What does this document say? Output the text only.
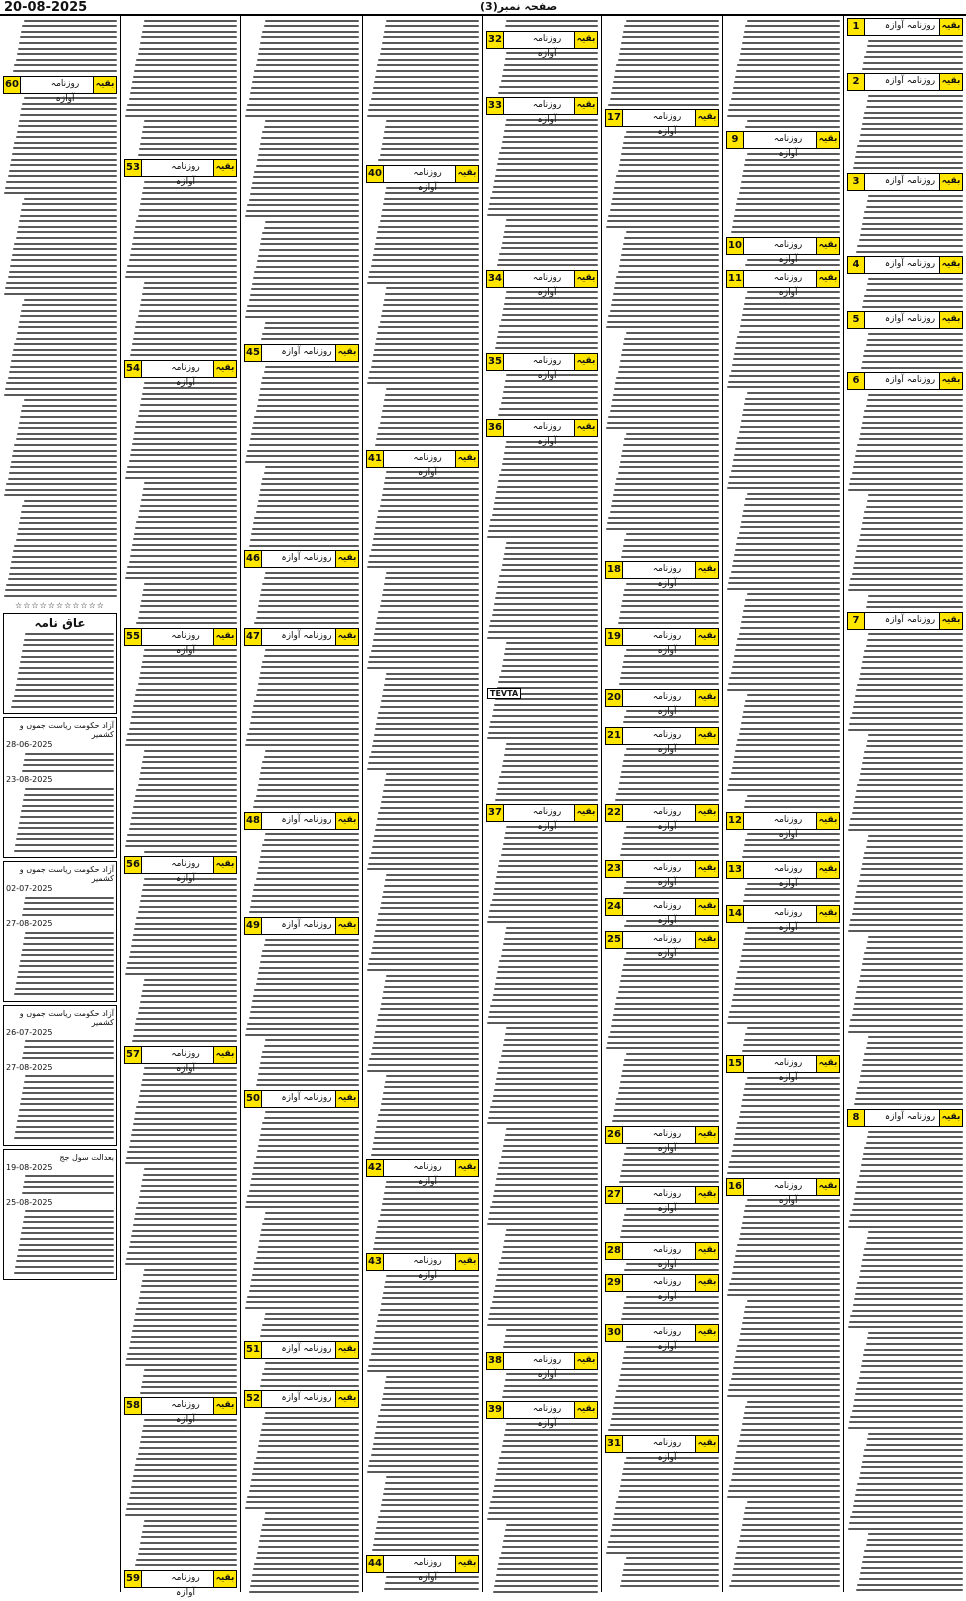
20-08-2025	صفحہ نمبر(3)
1	روزنامہ آوازہ بقیہ
2	روزنامہ آوازہ بقیہ
3	روزنامہ آوازہ بقیہ
4	روزنامہ آوازہ بقیہ
5	روزنامہ آوازہ بقیہ
6	روزنامہ آوازہ بقیہ
7	روزنامہ آوازہ بقیہ
8	روزنامہ آوازہ بقیہ
9	روزنامہ آوازہ
بقیہ
10	روزنامہ آوازہ
بقیہ
11	روزنامہ آوازہ
بقیہ
12	روزنامہ آوازہ
بقیہ
13	روزنامہ آوازہ
بقیہ
14	روزنامہ آوازہ
بقیہ
15	روزنامہ آوازہ
بقیہ
16	روزنامہ آوازہ
بقیہ
17	روزنامہ آوازہ
بقیہ
18	روزنامہ آوازہ
بقیہ
19	روزنامہ آوازہ
بقیہ
20	روزنامہ آوازہ
بقیہ
21	روزنامہ آوازہ
بقیہ
22	روزنامہ آوازہ
بقیہ
23	روزنامہ آوازہ
بقیہ
24	روزنامہ آوازہ
بقیہ
25	روزنامہ آوازہ
بقیہ
26	روزنامہ آوازہ
بقیہ
27	روزنامہ آوازہ
بقیہ
28	روزنامہ آوازہ
بقیہ
29	روزنامہ آوازہ
بقیہ
30	روزنامہ آوازہ
بقیہ
31	روزنامہ آوازہ
بقیہ
32	روزنامہ آوازہ
بقیہ
33	روزنامہ آوازہ
بقیہ
34	روزنامہ آوازہ
بقیہ
35	روزنامہ آوازہ
بقیہ
36	روزنامہ آوازہ
بقیہ
37	روزنامہ آوازہ
بقیہ
38	روزنامہ آوازہ
بقیہ
39	روزنامہ آوازہ
بقیہ
TEVTA
40	روزنامہ آوازہ
بقیہ
41	روزنامہ آوازہ
بقیہ
42	روزنامہ آوازہ
بقیہ
43	روزنامہ آوازہ
بقیہ
44	روزنامہ آوازہ
بقیہ
45 روزنامہ آوازہ بقیہ
46 روزنامہ آوازہ بقیہ
47 روزنامہ آوازہ بقیہ
48 روزنامہ آوازہ بقیہ
49 روزنامہ آوازہ بقیہ
50 روزنامہ آوازہ بقیہ
51 روزنامہ آوازہ بقیہ
52 روزنامہ آوازہ بقیہ
53	روزنامہ آوازہ
بقیہ
54	روزنامہ آوازہ
بقیہ
55	روزنامہ آوازہ
بقیہ
56	روزنامہ آوازہ
بقیہ
57	روزنامہ آوازہ
بقیہ
58	روزنامہ آوازہ
بقیہ
59	روزنامہ آوازہ
بقیہ
60	روزنامہ آوازہ
بقیہ
☆☆☆☆☆☆☆☆☆☆☆
عاق نامہ
آزاد حکومت ریاست جموں و کشمیر
28-06-2025
23-08-2025
آزاد حکومت ریاست جموں و کشمیر
02-07-2025
27-08-2025
آزاد حکومت ریاست جموں و کشمیر
26-07-2025
27-08-2025
بعدالت سول جج
19-08-2025
25-08-2025
